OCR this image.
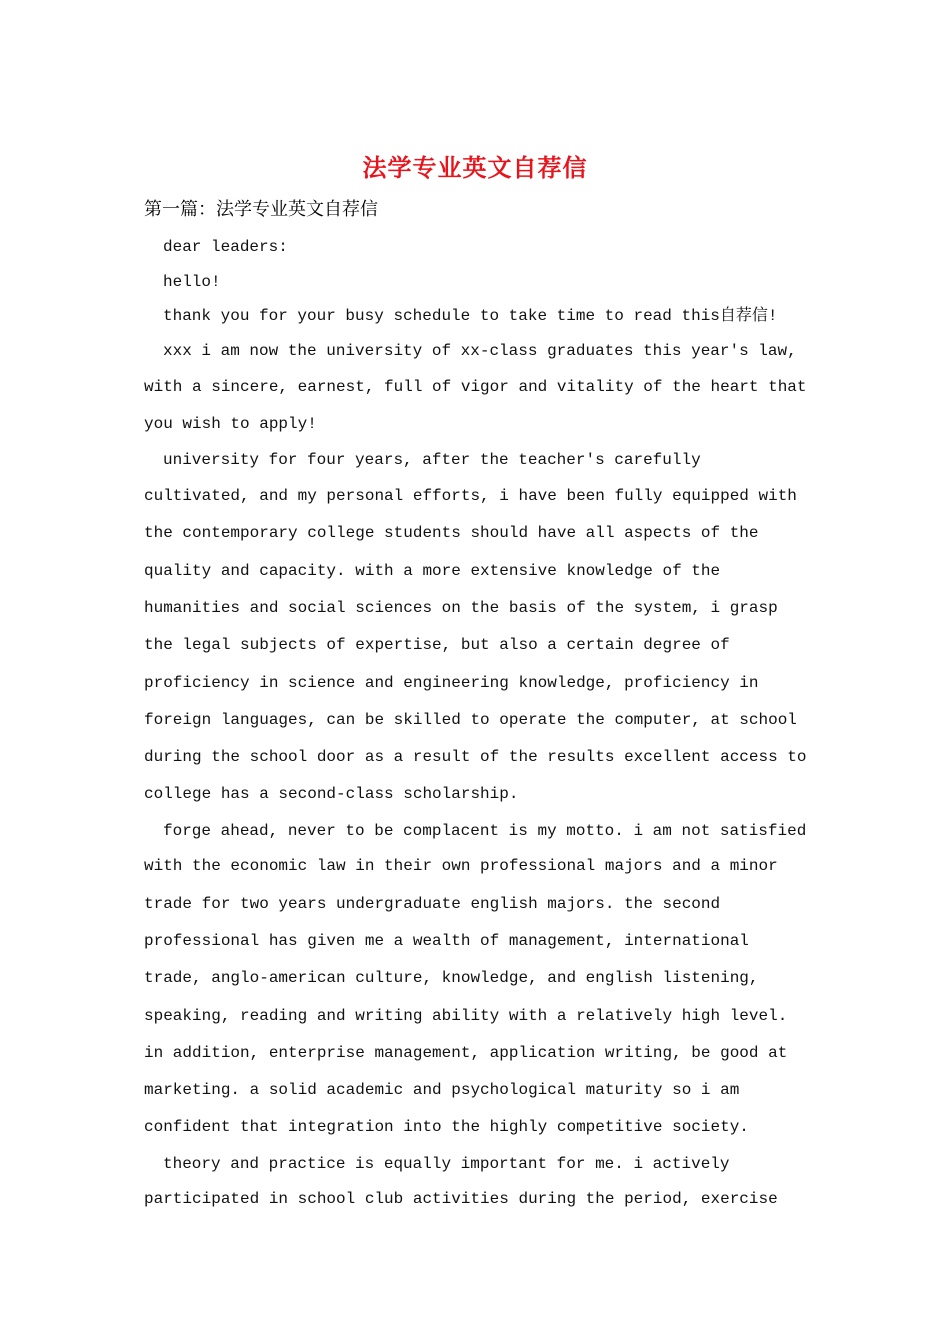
法学专业英文自荐信
第一篇：法学专业英文自荐信
dear leaders:
hello!
thank you for your busy schedule to take time to read this自荐信!
xxx i am now the university of xx-class graduates this year's law,
with a sincere, earnest, full of vigor and vitality of the heart that
you wish to apply!
university for four years, after the teacher's carefully
cultivated, and my personal efforts, i have been fully equipped with
the contemporary college students should have all aspects of the
quality and capacity. with a more extensive knowledge of the
humanities and social sciences on the basis of the system, i grasp
the legal subjects of expertise, but also a certain degree of
proficiency in science and engineering knowledge, proficiency in
foreign languages, can be skilled to operate the computer, at school
during the school door as a result of the results excellent access to
college has a second-class scholarship.
forge ahead, never to be complacent is my motto. i am not satisfied
with the economic law in their own professional majors and a minor
trade for two years undergraduate english majors. the second
professional has given me a wealth of management, international
trade, anglo-american culture, knowledge, and english listening,
speaking, reading and writing ability with a relatively high level.
in addition, enterprise management, application writing, be good at
marketing. a solid academic and psychological maturity so i am
confident that integration into the highly competitive society.
theory and practice is equally important for me. i actively
participated in school club activities during the period, exercise
